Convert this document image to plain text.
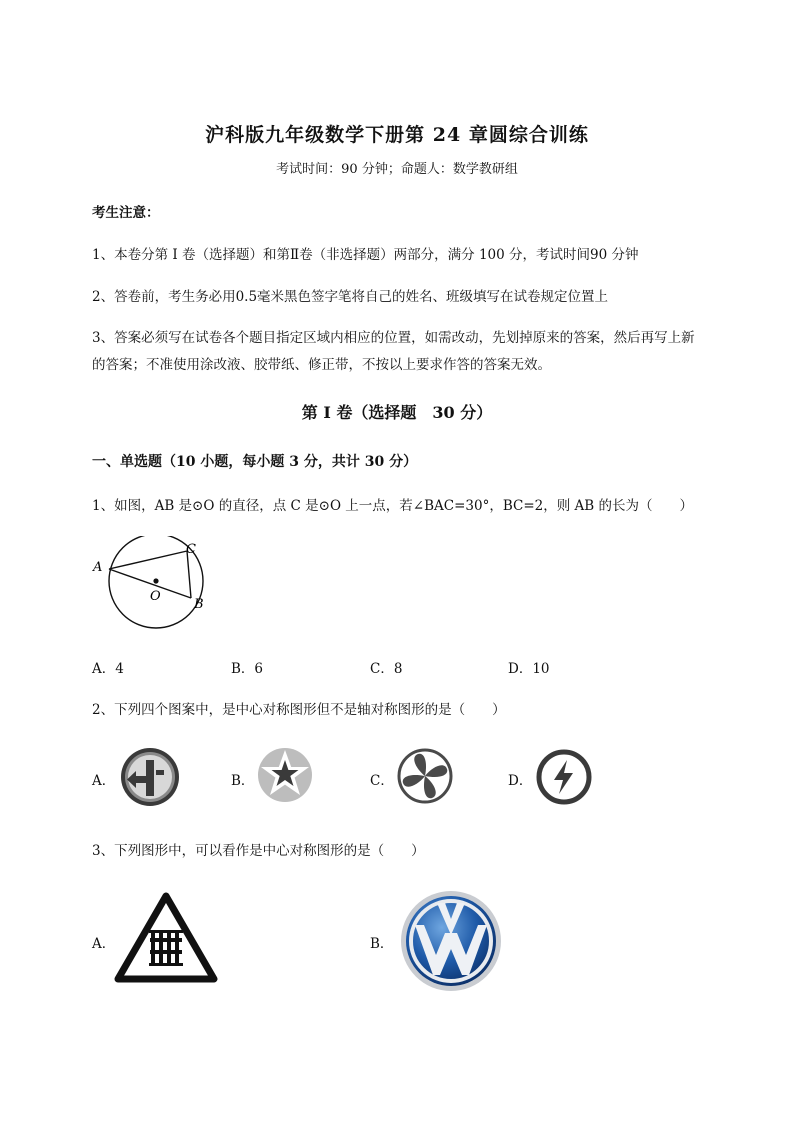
沪科版九年级数学下册第 24 章圆综合训练
考试时间：90 分钟；命题人：数学教研组
考生注意：
1、本卷分第 I 卷（选择题）和第Ⅱ卷（非选择题）两部分，满分 100 分，考试时间90 分钟
2、答卷前，考生务必用0.5毫米黑色签字笔将自己的姓名、班级填写在试卷规定位置上
3、答案必须写在试卷各个题目指定区域内相应的位置，如需改动，先划掉原来的答案，然后再写上新
的答案；不准使用涂改液、胶带纸、修正带，不按以上要求作答的答案无效。
第 I 卷（选择题　30 分）
一、单选题（10 小题，每小题 3 分，共计 30 分）
1、如图，AB 是⊙O 的直径，点 C 是⊙O 上一点，若∠BAC=30°，BC=2，则 AB 的长为（　　）
A
C
B
O
A．4	B．6	C．8	D．10
2、下列四个图案中，是中心对称图形但不是轴对称图形的是（　　）
A．	B．	C．	D．
3、下列图形中，可以看作是中心对称图形的是（　　）
A．	B．
